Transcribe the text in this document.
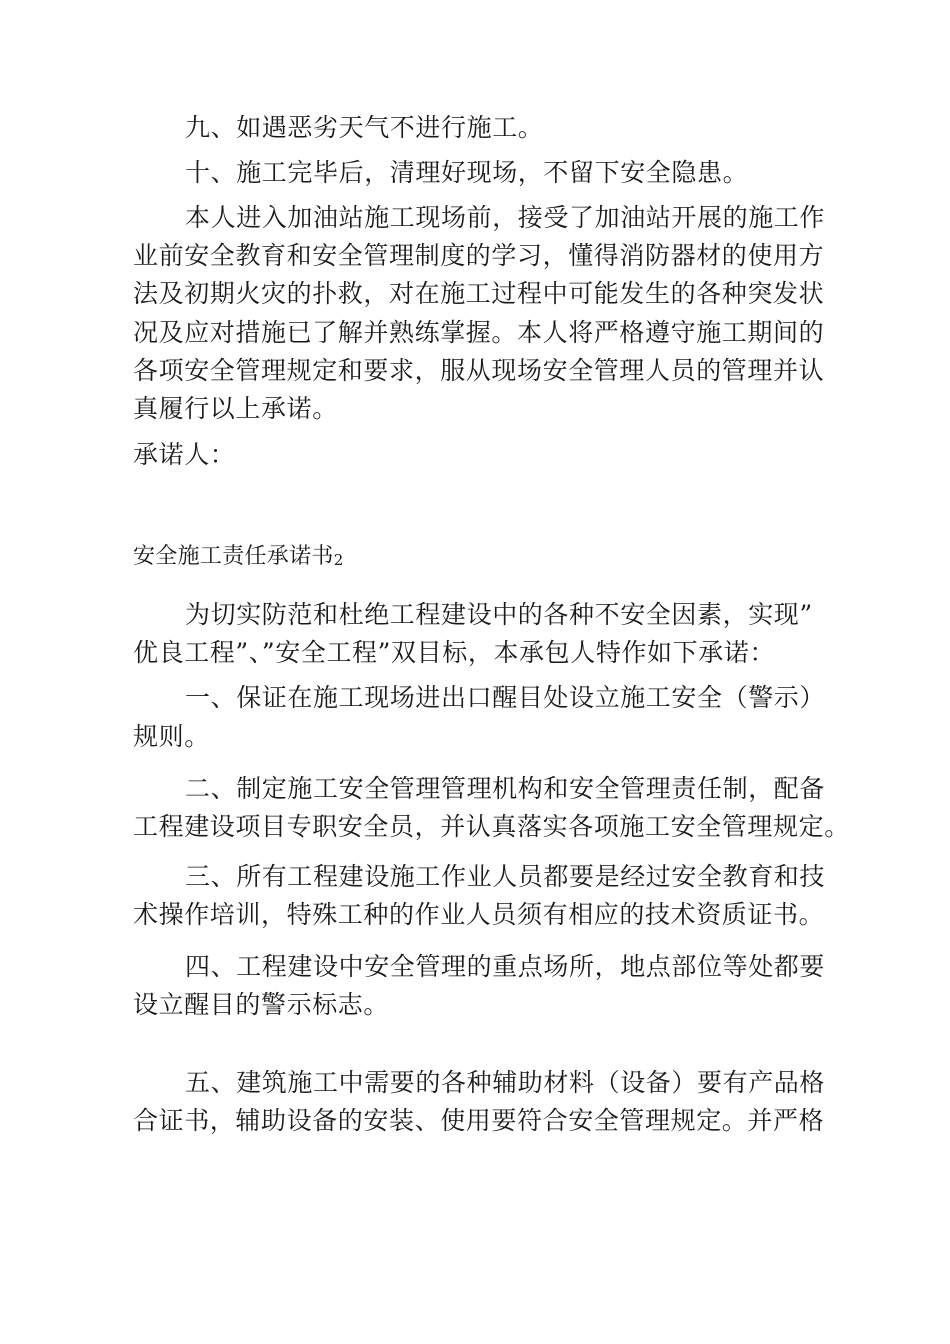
九、如遇恶劣天气不进行施工。
十、施工完毕后，清理好现场，不留下安全隐患。
本人进入加油站施工现场前，接受了加油站开展的施工作
业前安全教育和安全管理制度的学习，懂得消防器材的使用方
法及初期火灾的扑救，对在施工过程中可能发生的各种突发状
况及应对措施已了解并熟练掌握。本人将严格遵守施工期间的
各项安全管理规定和要求，服从现场安全管理人员的管理并认
真履行以上承诺。
承诺人：
安全施工责任承诺书$_2$
为切实防范和杜绝工程建设中的各种不安全因素，实现”
优良工程”、”安全工程”双目标，本承包人特作如下承诺：
一、保证在施工现场进出口醒目处设立施工安全（警示）
规则。
二、制定施工安全管理管理机构和安全管理责任制，配备
工程建设项目专职安全员，并认真落实各项施工安全管理规定。
三、所有工程建设施工作业人员都要是经过安全教育和技
术操作培训，特殊工种的作业人员须有相应的技术资质证书。
四、工程建设中安全管理的重点场所，地点部位等处都要
设立醒目的警示标志。
五、建筑施工中需要的各种辅助材料（设备）要有产品格
合证书，辅助设备的安装、使用要符合安全管理规定。并严格
